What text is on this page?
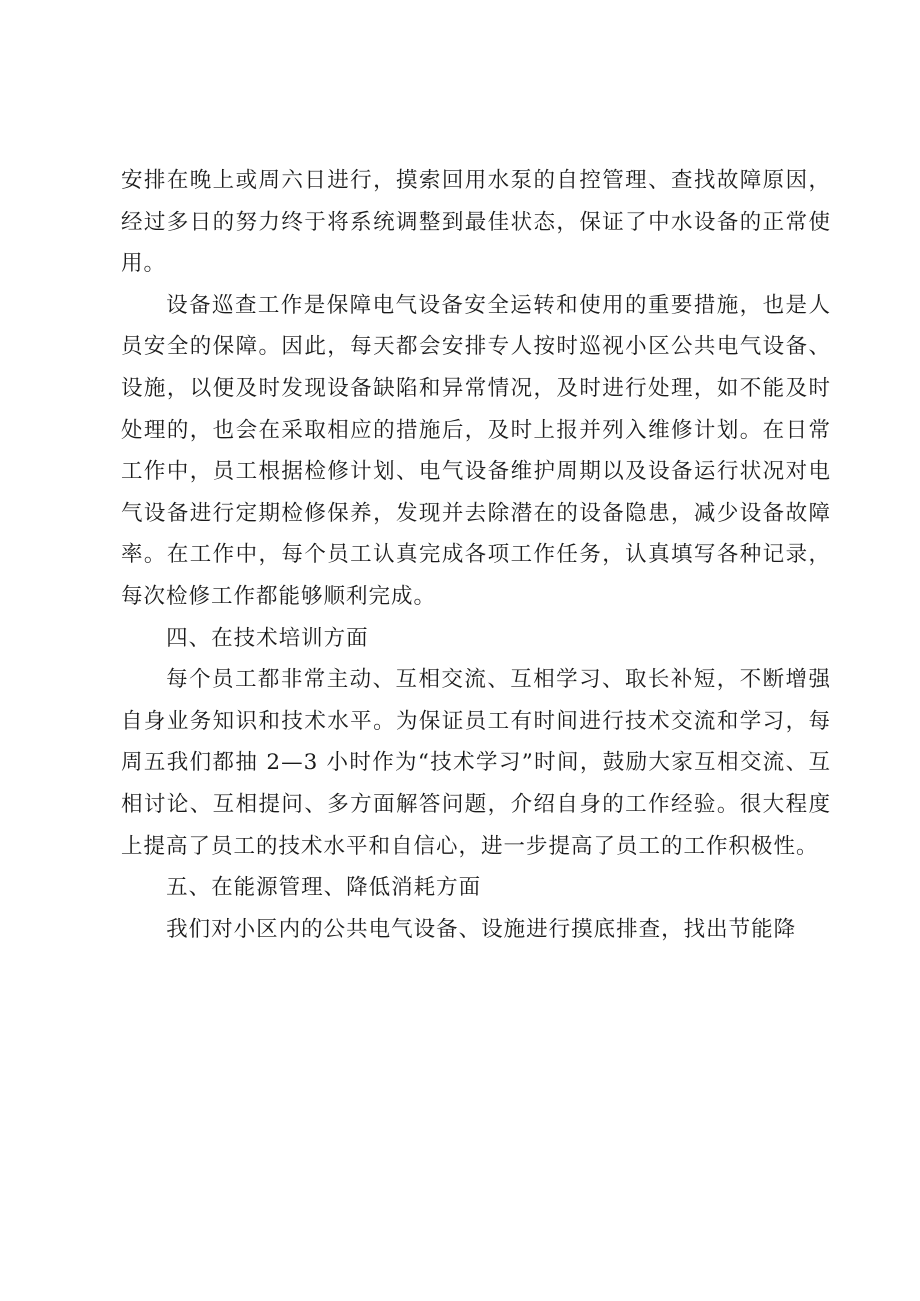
安排在晚上或周六日进行，摸索回用水泵的自控管理、查找故障原因，经过多日的努力终于将系统调整到最佳状态，保证了中水设备的正常使用。

设备巡查工作是保障电气设备安全运转和使用的重要措施，也是人员安全的保障。因此，每天都会安排专人按时巡视小区公共电气设备、设施，以便及时发现设备缺陷和异常情况，及时进行处理，如不能及时处理的，也会在采取相应的措施后，及时上报并列入维修计划。在日常工作中，员工根据检修计划、电气设备维护周期以及设备运行状况对电气设备进行定期检修保养，发现并去除潜在的设备隐患，减少设备故障率。在工作中，每个员工认真完成各项工作任务，认真填写各种记录，每次检修工作都能够顺利完成。

四、在技术培训方面

每个员工都非常主动、互相交流、互相学习、取长补短，不断增强自身业务知识和技术水平。为保证员工有时间进行技术交流和学习，每周五我们都抽 2—3 小时作为“技术学习”时间，鼓励大家互相交流、互相讨论、互相提问、多方面解答问题，介绍自身的工作经验。很大程度上提高了员工的技术水平和自信心，进一步提高了员工的工作积极性。

五、在能源管理、降低消耗方面

我们对小区内的公共电气设备、设施进行摸底排查，找出节能降
